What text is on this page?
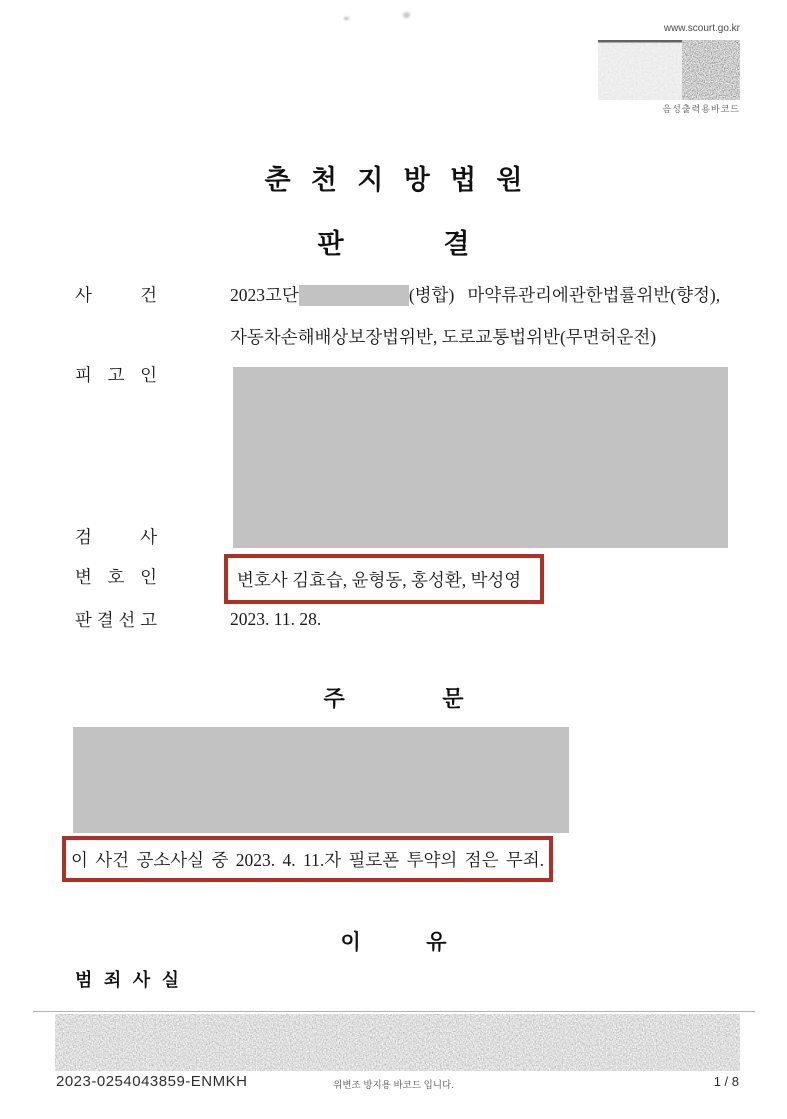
www.scourt.go.kr
음성출력용바코드
춘 천 지 방 법 원
판 결
사 건	2023고단	(병합)   마약류관리에관한법률위반(향정),
자동차손해배상보장법위반, 도로교통법위반(무면허운전)
피 고 인
검 사
변 호 인	변호사 김효습, 윤형동, 홍성환, 박성영
판 결 선 고	2023. 11. 28.
주 문
이 사건 공소사실 중 2023. 4. 11.자 필로폰 투약의 점은 무죄.
이 유
범 죄 사 실
2023-0254043859-ENMKH	위변조 방지용 바코드 입니다.	1 / 8
